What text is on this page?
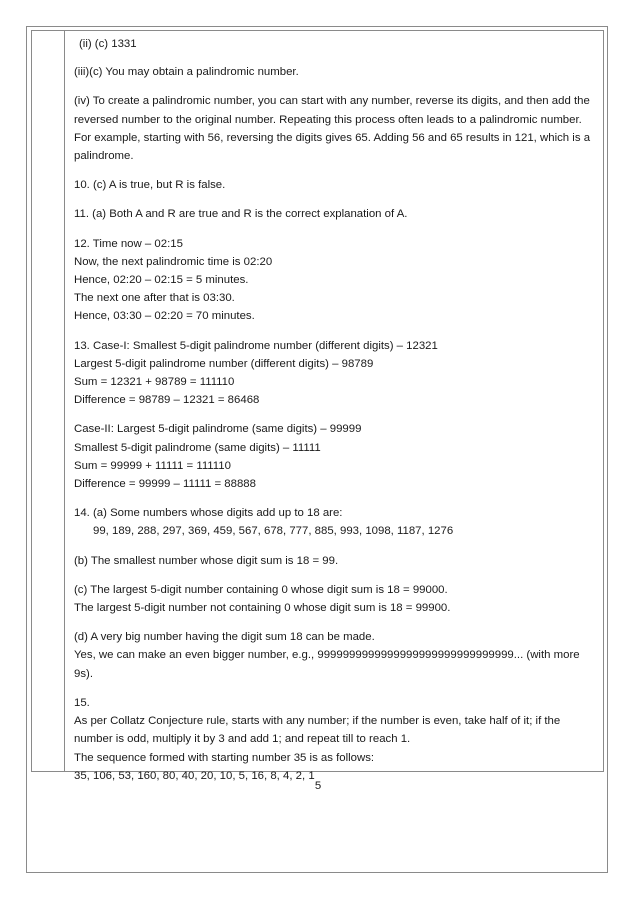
(ii) (c) 1331

(iii)(c) You may obtain a palindromic number.

(iv) To create a palindromic number, you can start with any number, reverse its digits, and then add the reversed number to the original number. Repeating this process often leads to a palindromic number. For example, starting with 56, reversing the digits gives 65. Adding 56 and 65 results in 121, which is a palindrome.

10. (c) A is true, but R is false.

11. (a) Both A and R are true and R is the correct explanation of A.

12. Time now – 02:15
Now, the next palindromic time is 02:20
Hence, 02:20 – 02:15 = 5 minutes.
The next one after that is 03:30.
Hence, 03:30 – 02:20 = 70 minutes.

13. Case-I: Smallest 5-digit palindrome number (different digits) – 12321
Largest 5-digit palindrome number (different digits) – 98789
Sum = 12321 + 98789 = 111110
Difference = 98789 – 12321 = 86468

Case-II: Largest 5-digit palindrome (same digits) – 99999
Smallest 5-digit palindrome (same digits) – 11111
Sum = 99999 + 11111 = 111110
Difference = 99999 – 11111 = 88888

14. (a) Some numbers whose digits add up to 18 are:
99, 189, 288, 297, 369, 459, 567, 678, 777, 885, 993, 1098, 1187, 1276

(b) The smallest number whose digit sum is 18 = 99.

(c) The largest 5-digit number containing 0 whose digit sum is 18 = 99000.
The largest 5-digit number not containing 0 whose digit sum is 18 = 99900.

(d) A very big number having the digit sum 18 can be made.
Yes, we can make an even bigger number, e.g., 9999999999999999999999999999999... (with more 9s).

15.
As per Collatz Conjecture rule, starts with any number; if the number is even, take half of it; if the number is odd, multiply it by 3 and add 1; and repeat till to reach 1.
The sequence formed with starting number 35 is as follows:
35, 106, 53, 160, 80, 40, 20, 10, 5, 16, 8, 4, 2, 1

5
